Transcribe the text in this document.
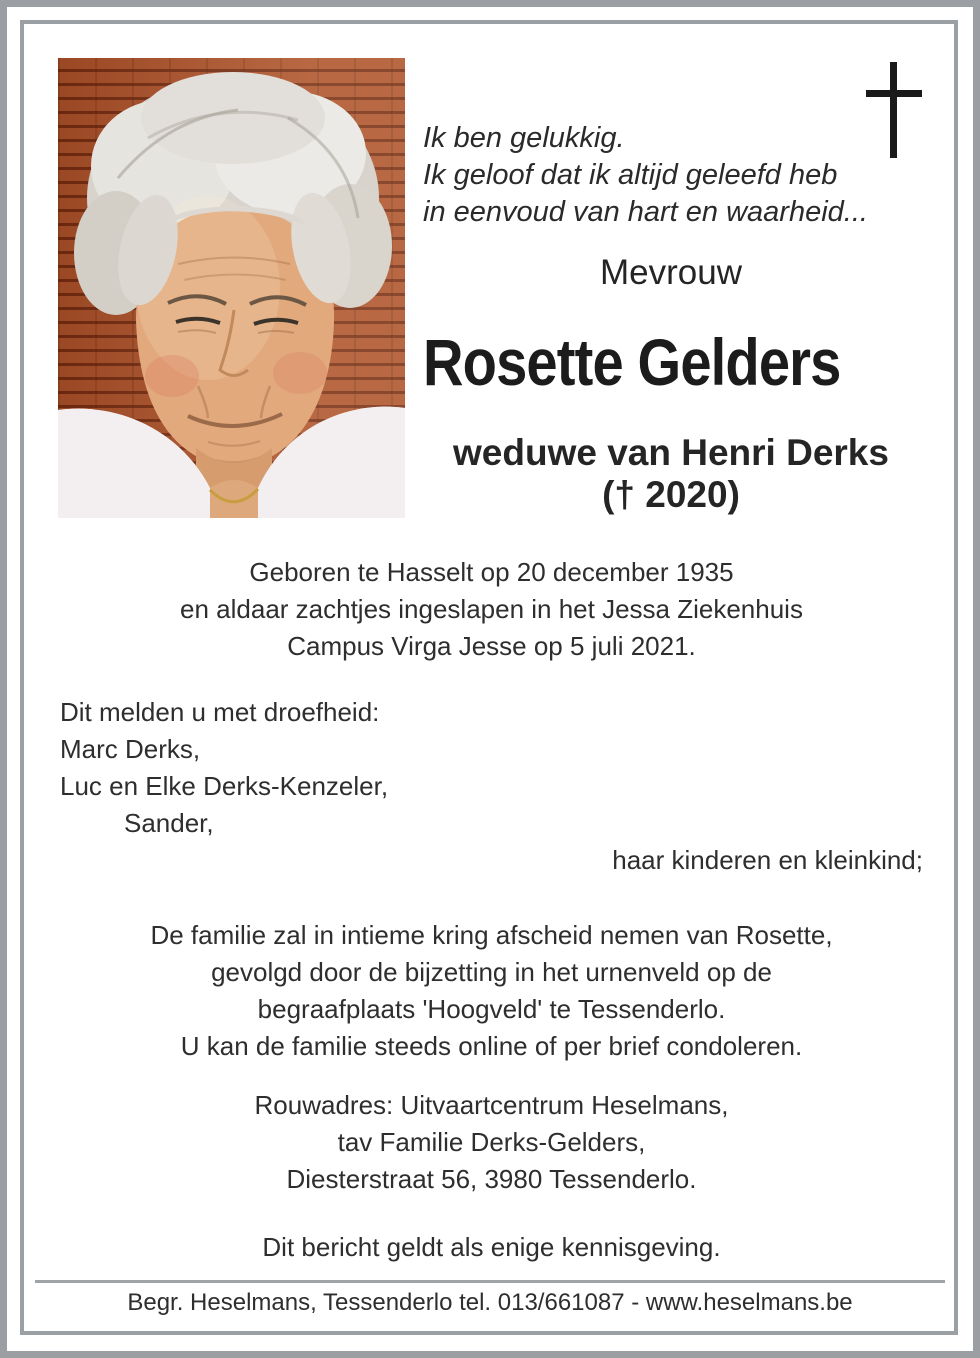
Ik ben gelukkig.
Ik geloof dat ik altijd geleefd heb
in eenvoud van hart en waarheid...
Mevrouw
Rosette Gelders
weduwe van Henri Derks
(† 2020)
Geboren te Hasselt op 20 december 1935
en aldaar zachtjes ingeslapen in het Jessa Ziekenhuis
Campus Virga Jesse op 5 juli 2021.
Dit melden u met droefheid:
Marc Derks,
Luc en Elke Derks-Kenzeler,
Sander,
haar kinderen en kleinkind;
De familie zal in intieme kring afscheid nemen van Rosette,
gevolgd door de bijzetting in het urnenveld op de
begraafplaats 'Hoogveld' te Tessenderlo.
U kan de familie steeds online of per brief condoleren.
Rouwadres: Uitvaartcentrum Heselmans,
tav Familie Derks-Gelders,
Diesterstraat 56, 3980 Tessenderlo.
Dit bericht geldt als enige kennisgeving.
Begr. Heselmans, Tessenderlo tel. 013/661087 - www.heselmans.be
